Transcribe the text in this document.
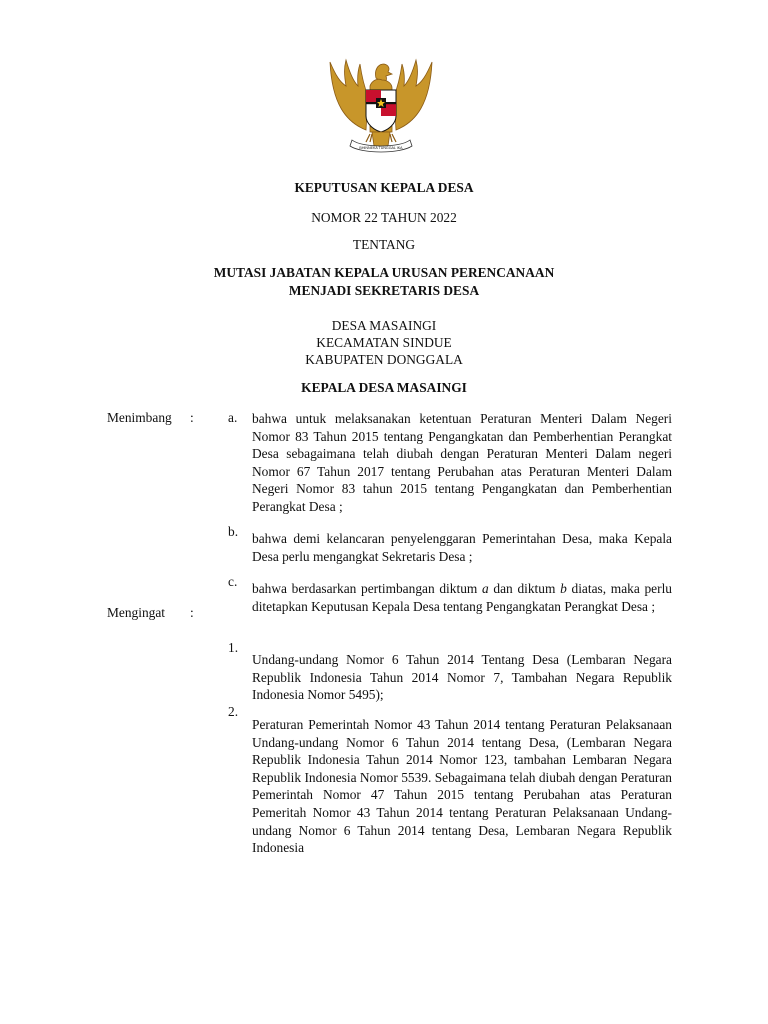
BHINNEKA TUNGGAL IKA
KEPUTUSAN KEPALA DESA
NOMOR 22 TAHUN 2022
TENTANG
MUTASI JABATAN KEPALA URUSAN PERENCANAAN
MENJADI SEKRETARIS DESA
DESA MASAINGI
KECAMATAN SINDUE
KABUPATEN DONGGALA
KEPALA DESA MASAINGI
Menimbang :
Mengingat :
a. bahwa untuk melaksanakan ketentuan Peraturan Menteri Dalam Negeri Nomor 83 Tahun 2015 tentang Pengangkatan dan Pemberhentian Perangkat Desa sebagaimana telah diubah dengan Peraturan Menteri Dalam negeri Nomor 67 Tahun 2017 tentang Perubahan atas Peraturan Menteri Dalam Negeri Nomor 83 tahun 2015 tentang Pengangkatan dan Pemberhentian Perangkat Desa ;

b. bahwa demi kelancaran penyelenggaran Pemerintahan Desa, maka Kepala Desa perlu mengangkat Sekretaris Desa ;

c. bahwa berdasarkan pertimbangan diktum a dan diktum b diatas, maka perlu ditetapkan Keputusan Kepala Desa tentang Pengangkatan Perangkat Desa ;

1.

Undang-undang Nomor 6 Tahun 2014 Tentang Desa (Lembaran Negara Republik Indonesia Tahun 2014 Nomor 7, Tambahan Negara Republik Indonesia Nomor 5495);

2.

Peraturan Pemerintah Nomor 43 Tahun 2014 tentang Peraturan Pelaksanaan Undang-undang Nomor 6 Tahun 2014 tentang Desa, (Lembaran Negara Republik Indonesia Tahun 2014 Nomor 123, tambahan Lembaran Negara Republik Indonesia Nomor 5539. Sebagaimana telah diubah dengan Peraturan Pemerintah Nomor 47 Tahun 2015 tentang Perubahan atas Peraturan Pemeritah Nomor 43 Tahun 2014 tentang Peraturan Pelaksanaan Undang-undang Nomor 6 Tahun 2014 tentang Desa, Lembaran Negara Republik Indonesia
